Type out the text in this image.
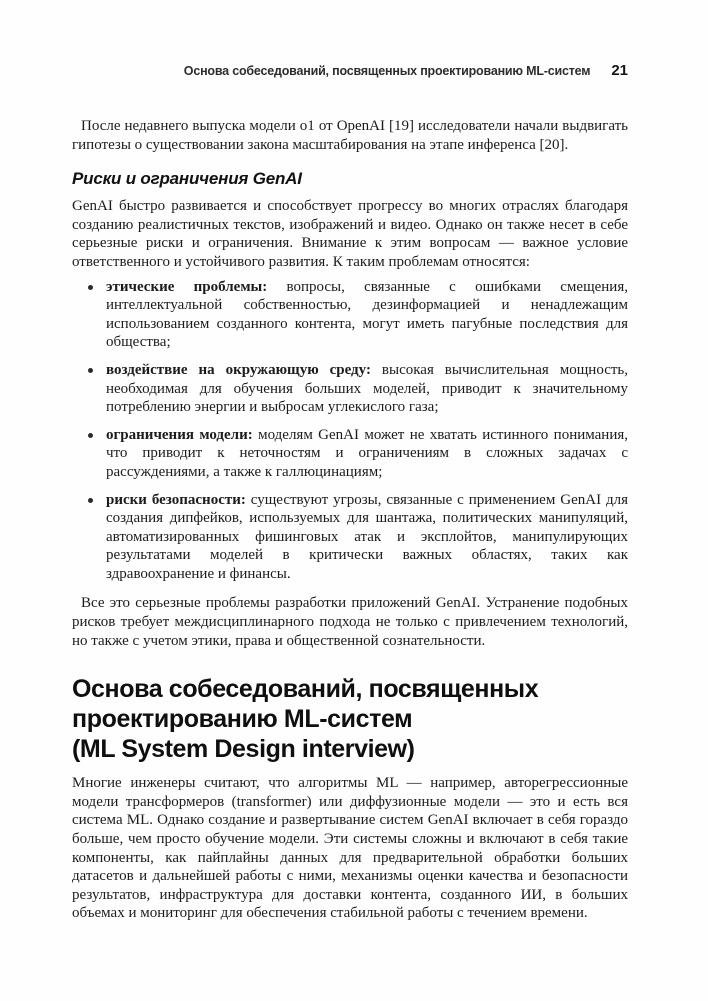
Основа собеседований, посвященных проектированию ML-систем 21

После недавнего выпуска модели o1 от OpenAI [19] исследователи начали выдвигать гипотезы о существовании закона масштабирования на этапе инференса [20].

Риски и ограничения GenAI

GenAI быстро развивается и способствует прогрессу во многих отраслях благодаря созданию реалистичных текстов, изображений и видео. Однако он также несет в себе серьезные риски и ограничения. Внимание к этим вопросам — важное условие ответственного и устойчивого развития. К таким проблемам относятся:

этические проблемы: вопросы, связанные с ошибками смещения, интеллектуальной собственностью, дезинформацией и ненадлежащим использованием созданного контента, могут иметь пагубные последствия для общества;
воздействие на окружающую среду: высокая вычислительная мощность, необходимая для обучения больших моделей, приводит к значительному потреблению энергии и выбросам углекислого газа;
ограничения модели: моделям GenAI может не хватать истинного понимания, что приводит к неточностям и ограничениям в сложных задачах с рассуждениями, а также к галлюцинациям;
риски безопасности: существуют угрозы, связанные с применением GenAI для создания дипфейков, используемых для шантажа, политических манипуляций, автоматизированных фишинговых атак и эксплойтов, манипулирующих результатами моделей в критически важных областях, таких как здравоохранение и финансы.

Все это серьезные проблемы разработки приложений GenAI. Устранение подобных рисков требует междисциплинарного подхода не только с привлечением технологий, но также с учетом этики, права и общественной сознательности.

Основа собеседований, посвященных
проектированию ML-систем
(ML System Design interview)

Многие инженеры считают, что алгоритмы ML — например, авторегрессионные модели трансформеров (transformer) или диффузионные модели — это и есть вся система ML. Однако создание и развертывание систем GenAI включает в себя гораздо больше, чем просто обучение модели. Эти системы сложны и включают в себя такие компоненты, как пайплайны данных для предварительной обработки больших датасетов и дальнейшей работы с ними, механизмы оценки качества и безопасности результатов, инфраструктура для доставки контента, созданного ИИ, в больших объемах и мониторинг для обеспечения стабильной работы с течением времени.
